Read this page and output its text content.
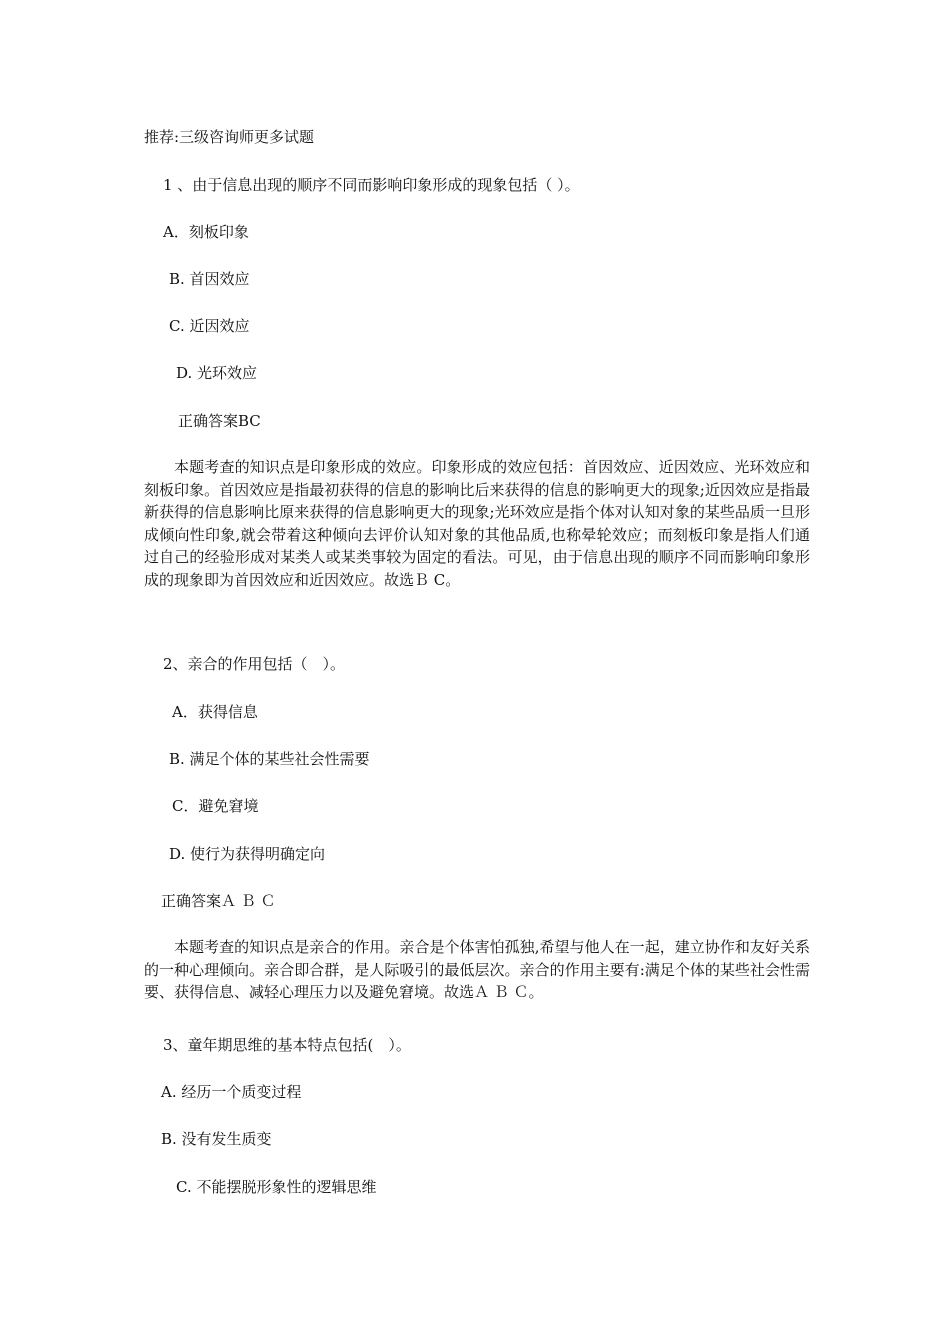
推荐:三级咨询师更多试题
1 、由于信息出现的顺序不同而影响印象形成的现象包括（ ）。
A．刻板印象
B. 首因效应
C. 近因效应
D. 光环效应
正确答案BC
本题考查的知识点是印象形成的效应。印象形成的效应包括：首因效应、近因效应、光环效应和刻板印象。首因效应是指最初获得的信息的影响比后来获得的信息的影响更大的现象;近因效应是指最新获得的信息影响比原来获得的信息影响更大的现象;光环效应是指个体对认知对象的某些品质一旦形成倾向性印象,就会带着这种倾向去评价认知对象的其他品质,也称晕轮效应；而刻板印象是指人们通过自己的经验形成对某类人或某类事较为固定的看法。可见，由于信息出现的顺序不同而影响印象形成的现象即为首因效应和近因效应。故选Ｂ C。
2、亲合的作用包括（　）。
A．获得信息
B. 满足个体的某些社会性需要
C．避免窘境
D. 使行为获得明确定向
正确答案Ａ Ｂ Ｃ
本题考查的知识点是亲合的作用。亲合是个体害怕孤独,希望与他人在一起，建立协作和友好关系的一种心理倾向。亲合即合群，是人际吸引的最低层次。亲合的作用主要有:满足个体的某些社会性需要、获得信息、减轻心理压力以及避免窘境。故选Ａ Ｂ Ｃ。
3、童年期思维的基本特点包括(　）。
A. 经历一个质变过程
B. 没有发生质变
C. 不能摆脱形象性的逻辑思维
